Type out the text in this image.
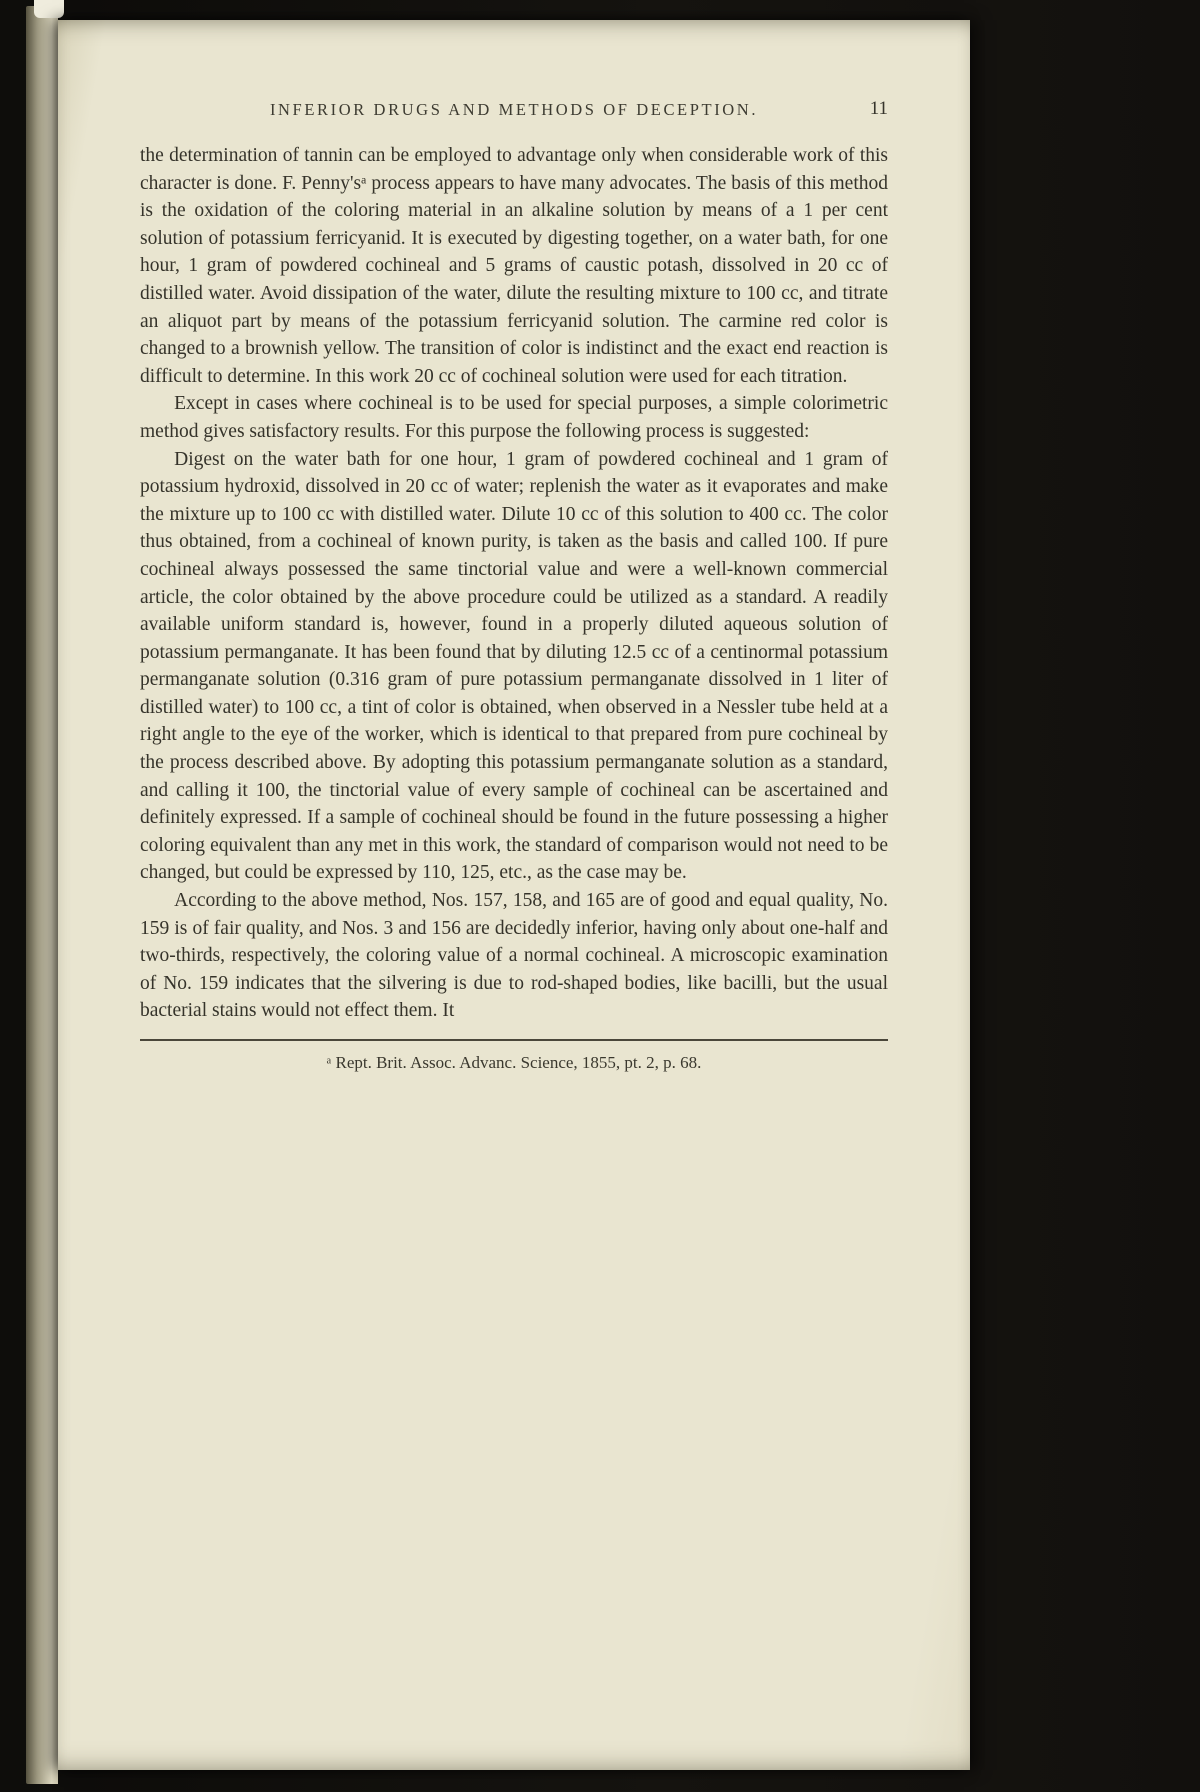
INFERIOR DRUGS AND METHODS OF DECEPTION.	11

the determination of tannin can be employed to advantage only when considerable work of this character is done. F. Penny'sᵃ process appears to have many advocates. The basis of this method is the oxidation of the coloring material in an alkaline solution by means of a 1 per cent solution of potassium ferricyanid. It is executed by digesting together, on a water bath, for one hour, 1 gram of powdered cochineal and 5 grams of caustic potash, dissolved in 20 cc of distilled water. Avoid dissipation of the water, dilute the resulting mixture to 100 cc, and titrate an aliquot part by means of the potassium ferricyanid solution. The carmine red color is changed to a brownish yellow. The transition of color is indistinct and the exact end reaction is difficult to determine. In this work 20 cc of cochineal solution were used for each titration.

Except in cases where cochineal is to be used for special purposes, a simple colorimetric method gives satisfactory results. For this purpose the following process is suggested:

Digest on the water bath for one hour, 1 gram of powdered cochineal and 1 gram of potassium hydroxid, dissolved in 20 cc of water; replenish the water as it evaporates and make the mixture up to 100 cc with distilled water. Dilute 10 cc of this solution to 400 cc. The color thus obtained, from a cochineal of known purity, is taken as the basis and called 100. If pure cochineal always possessed the same tinctorial value and were a well-known commercial article, the color obtained by the above procedure could be utilized as a standard. A readily available uniform standard is, however, found in a properly diluted aqueous solution of potassium permanganate. It has been found that by diluting 12.5 cc of a centinormal potassium permanganate solution (0.316 gram of pure potassium permanganate dissolved in 1 liter of distilled water) to 100 cc, a tint of color is obtained, when observed in a Nessler tube held at a right angle to the eye of the worker, which is identical to that prepared from pure cochineal by the process described above. By adopting this potassium permanganate solution as a standard, and calling it 100, the tinctorial value of every sample of cochineal can be ascertained and definitely expressed. If a sample of cochineal should be found in the future possessing a higher coloring equivalent than any met in this work, the standard of comparison would not need to be changed, but could be expressed by 110, 125, etc., as the case may be.

According to the above method, Nos. 157, 158, and 165 are of good and equal quality, No. 159 is of fair quality, and Nos. 3 and 156 are decidedly inferior, having only about one-half and two-thirds, respectively, the coloring value of a normal cochineal. A microscopic examination of No. 159 indicates that the silvering is due to rod-shaped bodies, like bacilli, but the usual bacterial stains would not effect them. It

ᵃ Rept. Brit. Assoc. Advanc. Science, 1855, pt. 2, p. 68.
